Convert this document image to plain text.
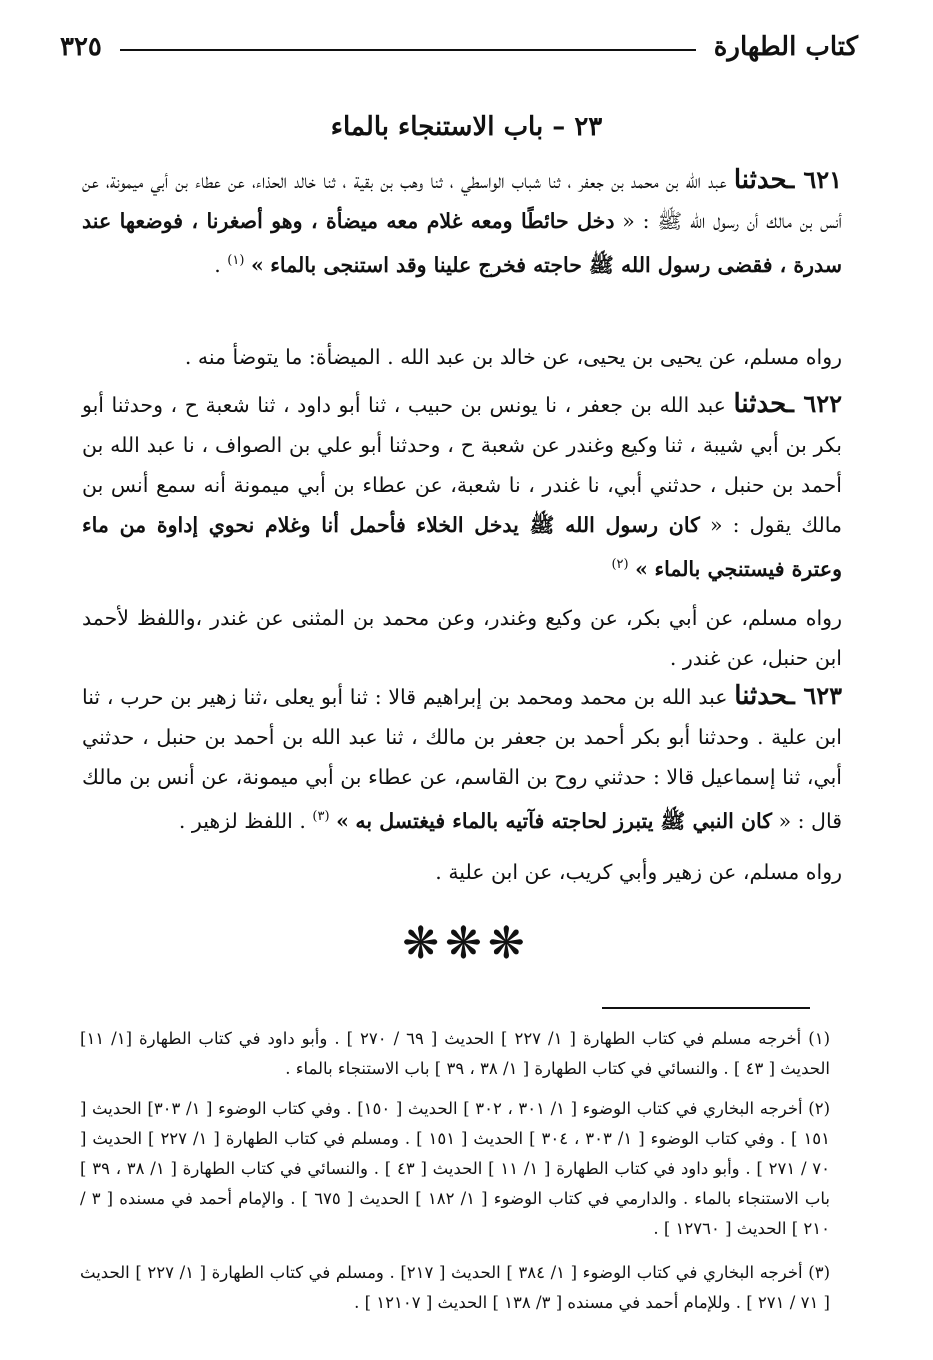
كتاب الطهارة
٣٢٥
٢٣ – باب الاستنجاء بالماء
٦٢١ ـحدثنا عبد الله بن محمد بن جعفر ، ثنا شباب الواسطي ، ثنا وهب بن بقية ، ثنا خالد الحذاء، عن عطاء بن أبي ميمونة، عن أنس بن مالك أن رسول الله ﷺ : « دخل حائطًا ومعه غلام معه ميضأة ، وهو أصغرنا ، فوضعها عند سدرة ، فقضى رسول الله ﷺ حاجته فخرج علينا وقد استنجى بالماء » $^{(١)}$ .
رواه مسلم، عن يحيى بن يحيى، عن خالد بن عبد الله . الميضأة: ما يتوضأ منه .
٦٢٢ ـحدثنا عبد الله بن جعفر ، نا يونس بن حبيب ، ثنا أبو داود ، ثنا شعبة ح ، وحدثنا أبو بكر بن أبي شيبة ، ثنا وكيع وغندر عن شعبة ح ، وحدثنا أبو علي بن الصواف ، نا عبد الله بن أحمد بن حنبل ، حدثني أبي، نا غندر ، نا شعبة، عن عطاء بن أبي ميمونة أنه سمع أنس بن مالك يقول : « كان رسول الله ﷺ يدخل الخلاء فأحمل أنا وغلام نحوي إداوة من ماء وعترة فيستنجي بالماء » $^{(٢)}$
رواه مسلم، عن أبي بكر، عن وكيع وغندر، وعن محمد بن المثنى عن غندر ،واللفظ لأحمد ابن حنبل، عن غندر .
٦٢٣ ـحدثنا عبد الله بن محمد ومحمد بن إبراهيم قالا : ثنا أبو يعلى ،ثنا زهير بن حرب ، ثنا ابن علية . وحدثنا أبو بكر أحمد بن جعفر بن مالك ، ثنا عبد الله بن أحمد بن حنبل ، حدثني أبي، ثنا إسماعيل قالا : حدثني روح بن القاسم، عن عطاء بن أبي ميمونة، عن أنس بن مالك قال : « كان النبي ﷺ يتبرز لحاجته فآتيه بالماء فيغتسل به » $^{(٣)}$ . اللفظ لزهير .
رواه مسلم، عن زهير وأبي كريب، عن ابن علية .
❋❋❋
(١) أخرجه مسلم في كتاب الطهارة [ ١/ ٢٢٧ ] الحديث [ ٦٩ / ٢٧٠ ] . وأبو داود في كتاب الطهارة [١/ ١١] الحديث [ ٤٣ ] . والنسائي في كتاب الطهارة [ ١/ ٣٨ ، ٣٩ ] باب الاستنجاء بالماء .
(٢) أخرجه البخاري في كتاب الوضوء [ ١/ ٣٠١ ، ٣٠٢ ] الحديث [ ١٥٠] . وفي كتاب الوضوء [ ١/ ٣٠٣] الحديث [ ١٥١ ] . وفي كتاب الوضوء [ ١/ ٣٠٣ ، ٣٠٤ ] الحديث [ ١٥١ ] . ومسلم في كتاب الطهارة [ ١/ ٢٢٧ ] الحديث [ ٧٠ / ٢٧١ ] . وأبو داود في كتاب الطهارة [ ١/ ١١ ] الحديث [ ٤٣ ] . والنسائي في كتاب الطهارة [ ١/ ٣٨ ، ٣٩ ] باب الاستنجاء بالماء . والدارمي في كتاب الوضوء [ ١/ ١٨٢ ] الحديث [ ٦٧٥ ] . والإمام أحمد في مسنده [ ٣ / ٢١٠ ] الحديث [ ١٢٧٦٠ ] .
(٣) أخرجه البخاري في كتاب الوضوء [ ١/ ٣٨٤ ] الحديث [ ٢١٧] . ومسلم في كتاب الطهارة [ ١/ ٢٢٧ ] الحديث [ ٧١ / ٢٧١ ] . وللإمام أحمد في مسنده [ ٣/ ١٣٨ ] الحديث [ ١٢١٠٧ ] .
